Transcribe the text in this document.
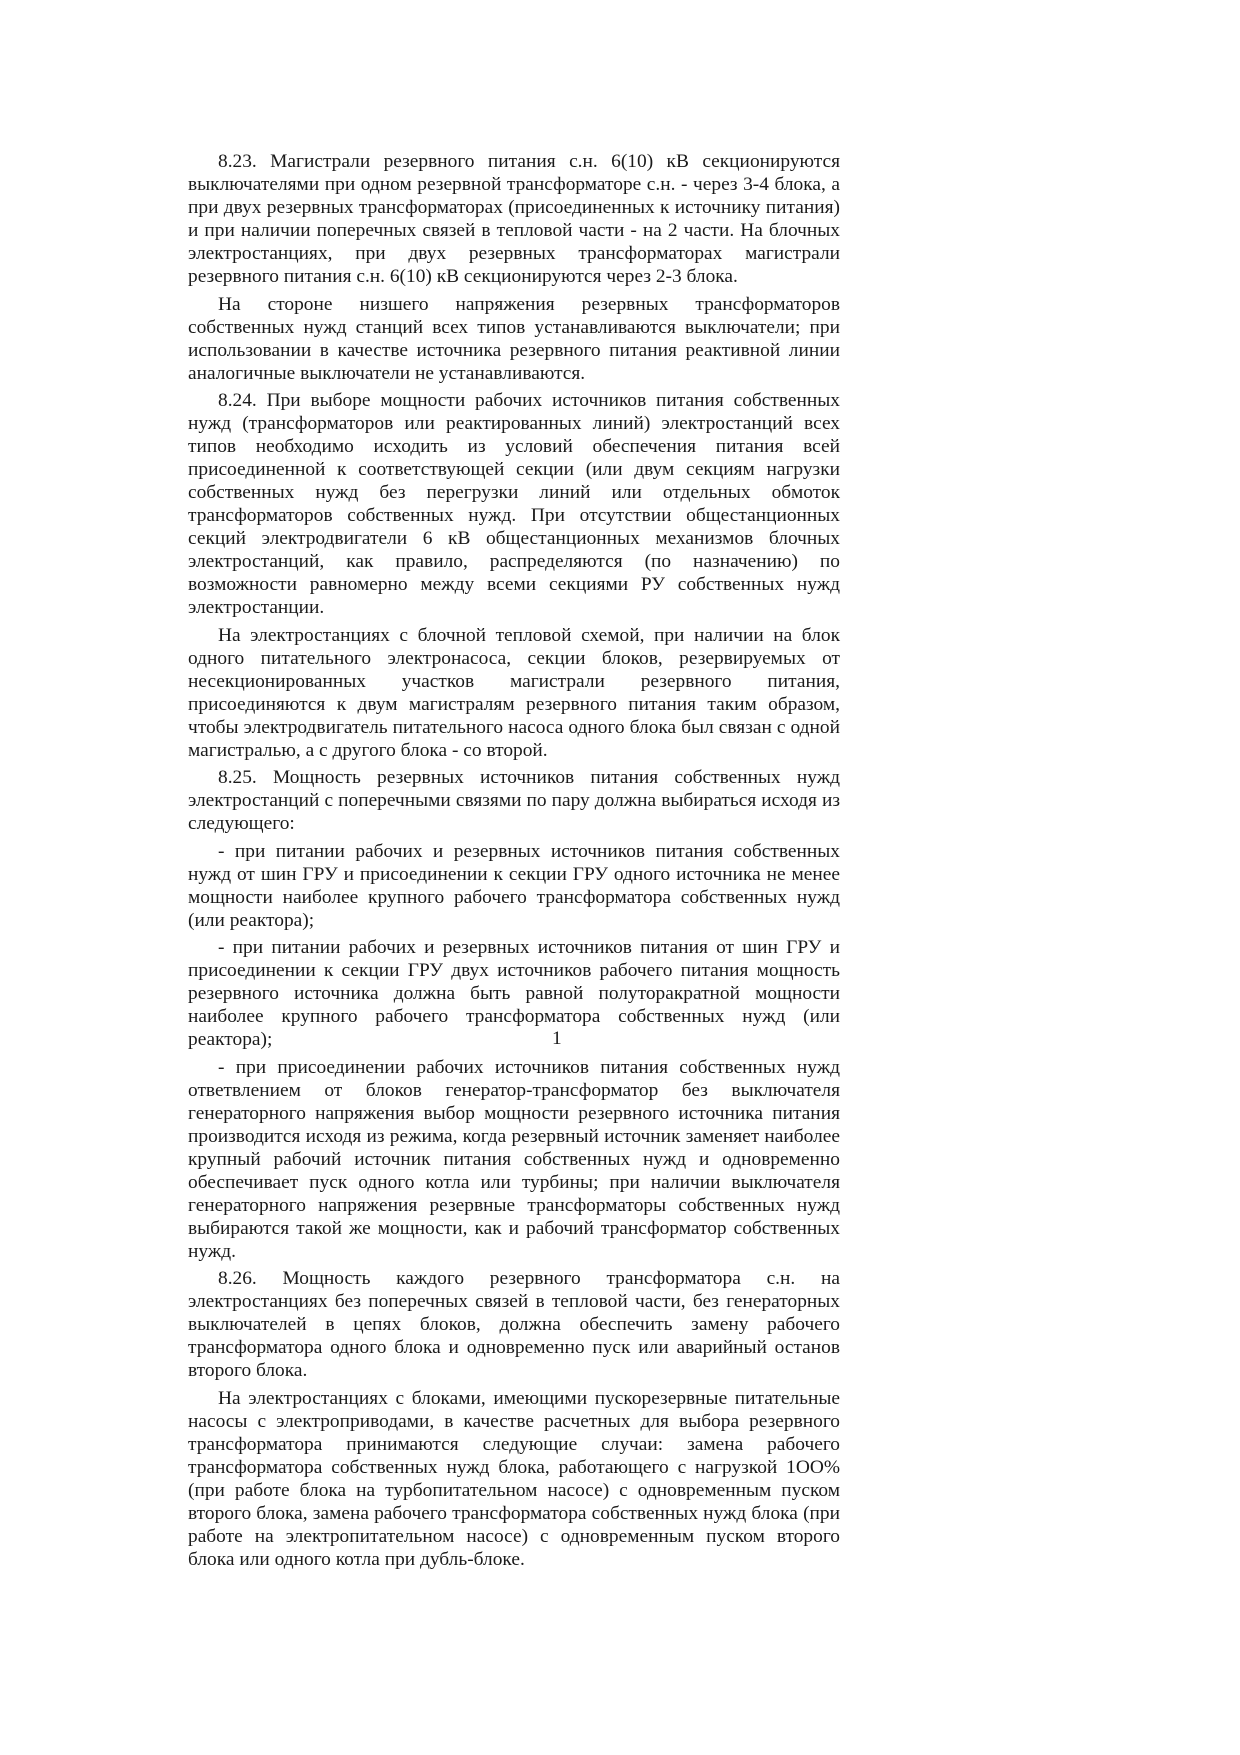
8.23. Магистрали резервного питания с.н. 6(10) кВ секционируются выключателями при одном резервной трансформаторе с.н. - через 3-4 блока, а при двух резервных трансформаторах (присоединенных к источнику питания) и при наличии поперечных связей в тепловой части - на 2 части. На блочных электростанциях, при двух резервных трансформаторах магистрали резервного питания с.н. 6(10) кВ секционируются через 2-3 блока.

На стороне низшего напряжения резервных трансформаторов собственных нужд станций всех типов устанавливаются выключатели; при использовании в качестве источника резервного питания реактивной линии аналогичные выключатели не устанавливаются.

8.24. При выборе мощности рабочих источников питания собственных нужд (трансформаторов или реактированных линий) электростанций всех типов необходимо исходить из условий обеспечения питания всей присоединенной к соответствующей секции (или двум секциям нагрузки собственных нужд без перегрузки линий или отдельных обмоток трансформаторов собственных нужд. При отсутствии общестанционных секций электродвигатели 6 кВ общестанционных механизмов блочных электростанций, как правило, распределяются (по назначению) по возможности равномерно между всеми секциями РУ собственных нужд электростанции.

На электростанциях с блочной тепловой схемой, при наличии на блок одного питательного электронасоса, секции блоков, резервируемых от несекционированных участков магистрали резервного питания, присоединяются к двум магистралям резервного питания таким образом, чтобы электродвигатель питательного насоса одного блока был связан с одной магистралью, а с другого блока - со второй.

8.25. Мощность резервных источников питания собственных нужд электростанций с поперечными связями по пару должна выбираться исходя из следующего:

- при питании рабочих и резервных источников питания собственных нужд от шин ГРУ и присоединении к секции ГРУ одного источника не менее мощности наиболее крупного рабочего трансформатора собственных нужд (или реактора);

- при питании рабочих и резервных источников питания от шин ГРУ и присоединении к секции ГРУ двух источников рабочего питания мощность резервного источника должна быть равной полуторакратной мощности наиболее крупного рабочего трансформатора собственных нужд (или реактора);

- при присоединении рабочих источников питания собственных нужд ответвлением от блоков генератор-трансформатор без выключателя генераторного напряжения выбор мощности резервного источника питания производится исходя из режима, когда резервный источник заменяет наиболее крупный рабочий источник питания собственных нужд и одновременно обеспечивает пуск одного котла или турбины; при наличии выключателя генераторного напряжения резервные трансформаторы собственных нужд выбираются такой же мощности, как и рабочий трансформатор собственных нужд.

8.26. Мощность каждого резервного трансформатора с.н. на электростанциях без поперечных связей в тепловой части, без генераторных выключателей в цепях блоков, должна обеспечить замену рабочего трансформатора одного блока и одновременно пуск или аварийный останов второго блока.

На электростанциях с блоками, имеющими пускорезервные питательные насосы с электроприводами, в качестве расчетных для выбора резервного трансформатора принимаются следующие случаи: замена рабочего трансформатора собственных нужд блока, работающего с нагрузкой 1ОО% (при работе блока на турбопитательном насосе) с одновременным пуском второго блока, замена рабочего трансформатора собственных нужд блока (при работе на электропитательном насосе) с одновременным пуском второго блока или одного котла при дубль-блоке.

1
